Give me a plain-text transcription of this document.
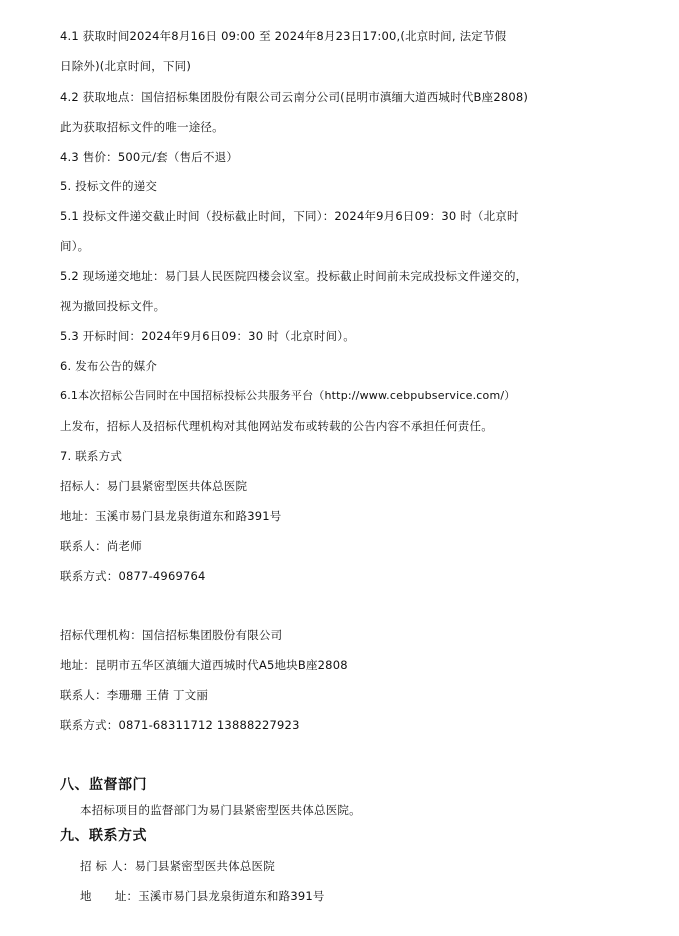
4.1 获取时间2024年8月16日 09:00 至 2024年8月23日17:00,(北京时间, 法定节假
日除外)(北京时间，下同)
4.2 获取地点：国信招标集团股份有限公司云南分公司(昆明市滇缅大道西城时代B座2808)
此为获取招标文件的唯一途径。
4.3 售价：500元/套（售后不退）
5. 投标文件的递交
5.1 投标文件递交截止时间（投标截止时间，下同）：2024年9月6日09：30 时（北京时
间）。
5.2 现场递交地址：易门县人民医院四楼会议室。投标截止时间前未完成投标文件递交的，
视为撤回投标文件。
5.3 开标时间：2024年9月6日09：30 时（北京时间）。
6. 发布公告的媒介
6.1本次招标公告同时在中国招标投标公共服务平台（http://www.cebpubservice.com/）
上发布，招标人及招标代理机构对其他网站发布或转载的公告内容不承担任何责任。
7. 联系方式
招标人：易门县紧密型医共体总医院
地址：玉溪市易门县龙泉街道东和路391号
联系人：尚老师
联系方式：0877-4969764
招标代理机构：国信招标集团股份有限公司
地址：昆明市五华区滇缅大道西城时代A5地块B座2808
联系人：李珊珊 王倩 丁文丽
联系方式：0871-68311712 13888227923
八、监督部门
本招标项目的监督部门为易门县紧密型医共体总医院。
九、联系方式
招 标 人：易门县紧密型医共体总医院
地      址：玉溪市易门县龙泉街道东和路391号
